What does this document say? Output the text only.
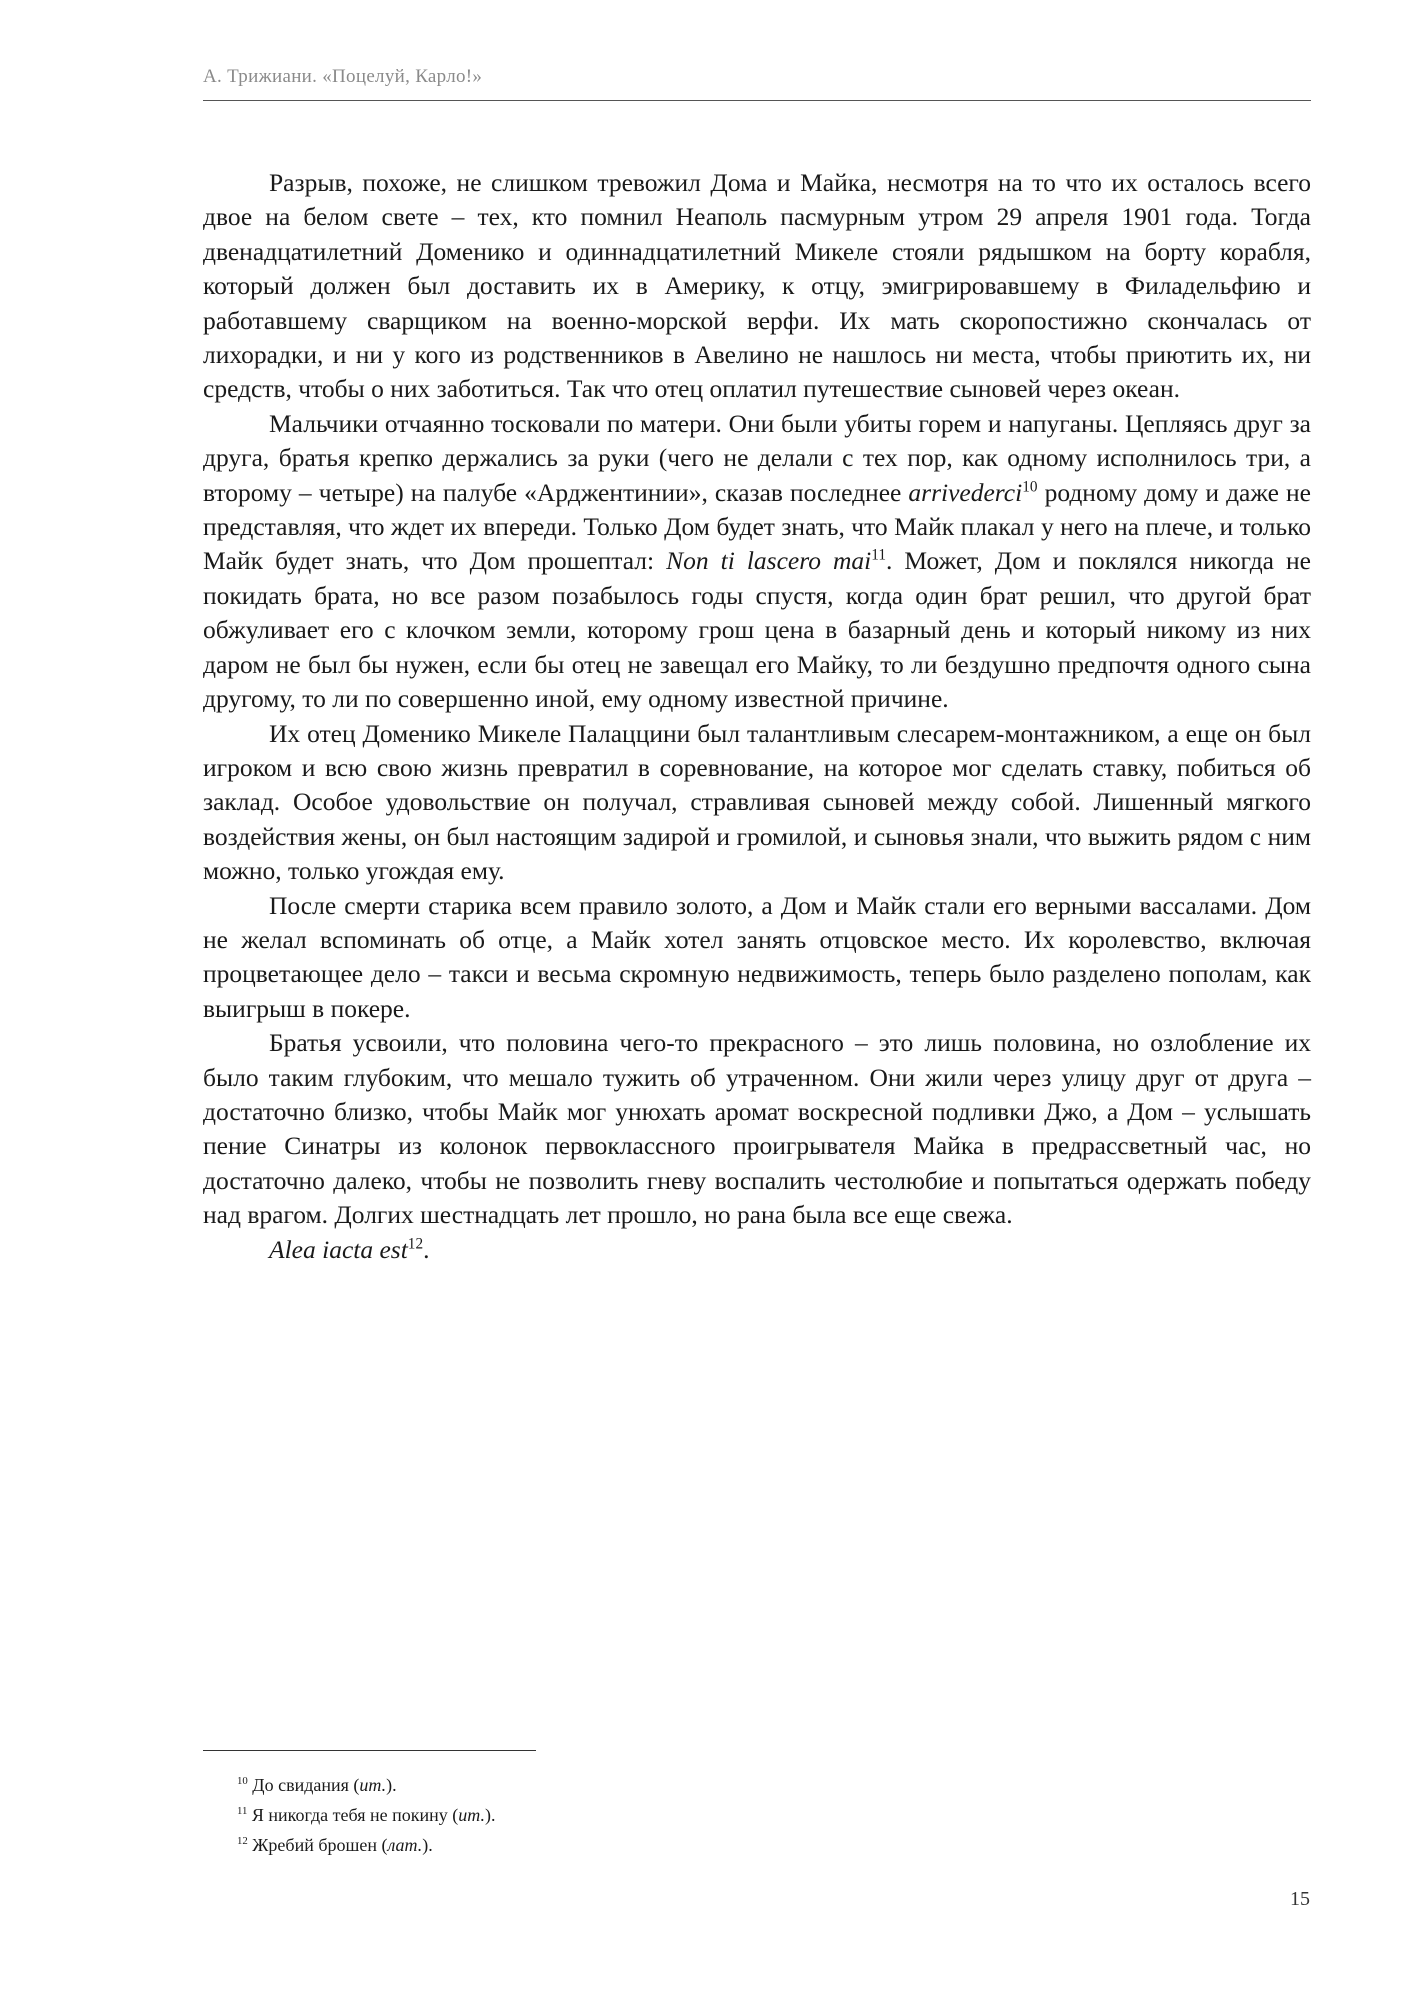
А. Трижиани. «Поцелуй, Карло!»

Разрыв, похоже, не слишком тревожил Дома и Майка, несмотря на то что их осталось всего двое на белом свете – тех, кто помнил Неаполь пасмурным утром 29 апреля 1901 года. Тогда двенадцатилетний Доменико и одиннадцатилетний Микеле стояли рядышком на борту корабля, который должен был доставить их в Америку, к отцу, эмигрировавшему в Филадельфию и работавшему сварщиком на военно-морской верфи. Их мать скоропостижно скончалась от лихорадки, и ни у кого из родственников в Авелино не нашлось ни места, чтобы приютить их, ни средств, чтобы о них заботиться. Так что отец оплатил путешествие сыновей через океан.

Мальчики отчаянно тосковали по матери. Они были убиты горем и напуганы. Цепляясь друг за друга, братья крепко держались за руки (чего не делали с тех пор, как одному исполнилось три, а второму – четыре) на палубе «Арджентинии», сказав последнее arrivederci$^{10}$ родному дому и даже не представляя, что ждет их впереди. Только Дом будет знать, что Майк плакал у него на плече, и только Майк будет знать, что Дом прошептал: Non ti lascero mai$^{11}$. Может, Дом и поклялся никогда не покидать брата, но все разом позабылось годы спустя, когда один брат решил, что другой брат обжуливает его с клочком земли, которому грош цена в базарный день и который никому из них даром не был бы нужен, если бы отец не завещал его Майку, то ли бездушно предпочтя одного сына другому, то ли по совершенно иной, ему одному известной причине.

Их отец Доменико Микеле Палаццини был талантливым слесарем-монтажником, а еще он был игроком и всю свою жизнь превратил в соревнование, на которое мог сделать ставку, побиться об заклад. Особое удовольствие он получал, стравливая сыновей между собой. Лишенный мягкого воздействия жены, он был настоящим задирой и громилой, и сыновья знали, что выжить рядом с ним можно, только угождая ему.

После смерти старика всем правило золото, а Дом и Майк стали его верными вассалами. Дом не желал вспоминать об отце, а Майк хотел занять отцовское место. Их королевство, включая процветающее дело – такси и весьма скромную недвижимость, теперь было разделено пополам, как выигрыш в покере.

Братья усвоили, что половина чего-то прекрасного – это лишь половина, но озлобление их было таким глубоким, что мешало тужить об утраченном. Они жили через улицу друг от друга – достаточно близко, чтобы Майк мог унюхать аромат воскресной подливки Джо, а Дом – услышать пение Синатры из колонок первоклассного проигрывателя Майка в предрассветный час, но достаточно далеко, чтобы не позволить гневу воспалить честолюбие и попытаться одержать победу над врагом. Долгих шестнадцать лет прошло, но рана была все еще свежа.

Alea iacta est$^{12}$.

$^{10}$ До свидания (ит.).

$^{11}$ Я никогда тебя не покину (ит.).

$^{12}$ Жребий брошен (лат.).

15
